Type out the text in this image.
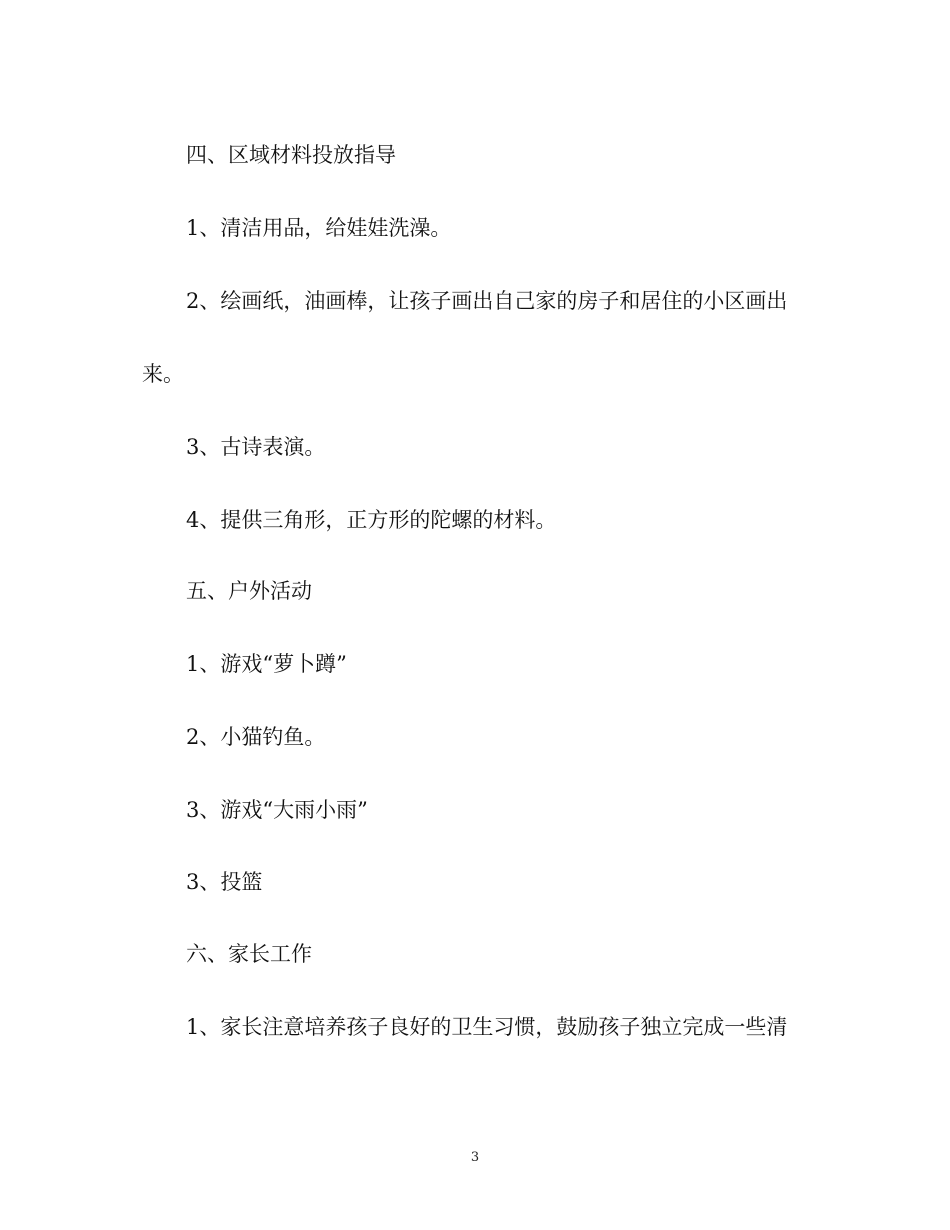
四、区域材料投放指导
1、清洁用品，给娃娃洗澡。
2、绘画纸，油画棒，让孩子画出自己家的房子和居住的小区画出
来。
3、古诗表演。
4、提供三角形，正方形的陀螺的材料。
五、户外活动
1、游戏“萝卜蹲”
2、小猫钓鱼。
3、游戏“大雨小雨”
3、投篮
六、家长工作
1、家长注意培养孩子良好的卫生习惯，鼓励孩子独立完成一些清
3
